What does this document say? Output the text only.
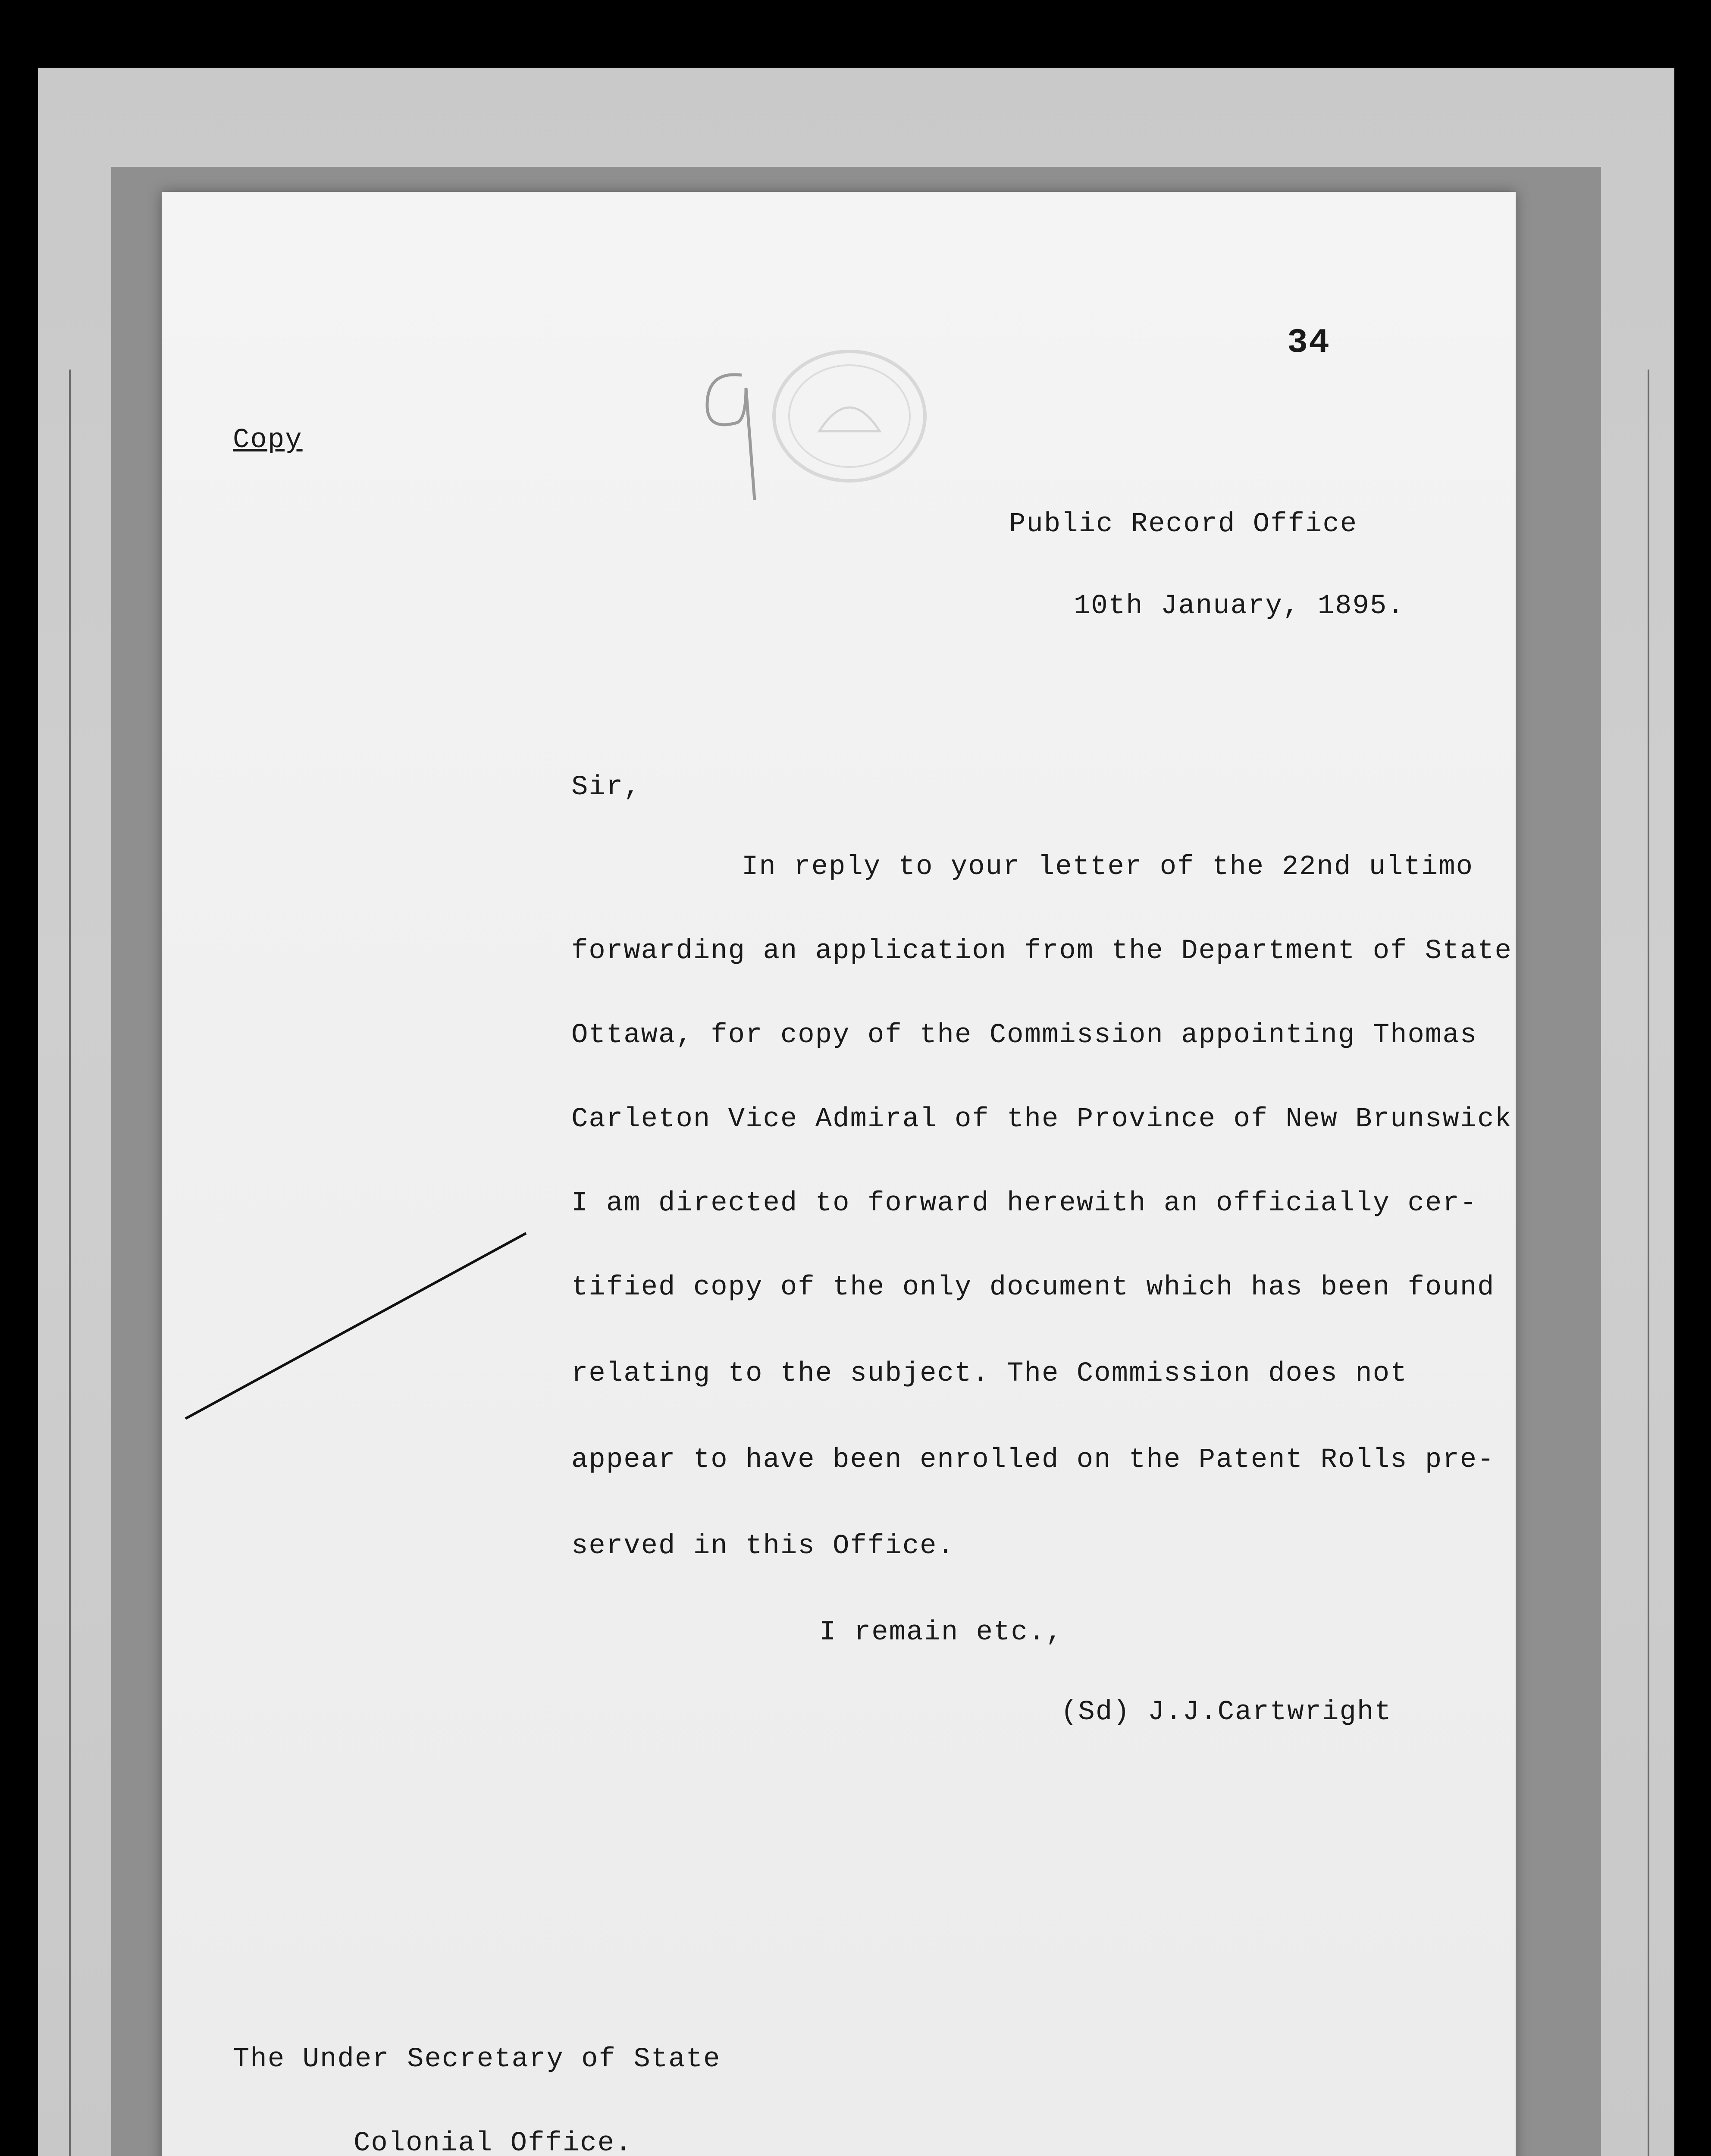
34
Copy
Public Record Office
10th January, 1895.
Sir,
In reply to your letter of the 22nd ultimo
forwarding an application from the Department of State
Ottawa, for copy of the Commission appointing Thomas
Carleton Vice Admiral of the Province of New Brunswick
I am directed to forward herewith an officially cer-
tified copy of the only document which has been found
relating to the subject. The Commission does not
appear to have been enrolled on the Patent Rolls pre-
served in this Office.
I remain etc.,
(Sd) J.J.Cartwright
The Under Secretary of State
Colonial Office.
